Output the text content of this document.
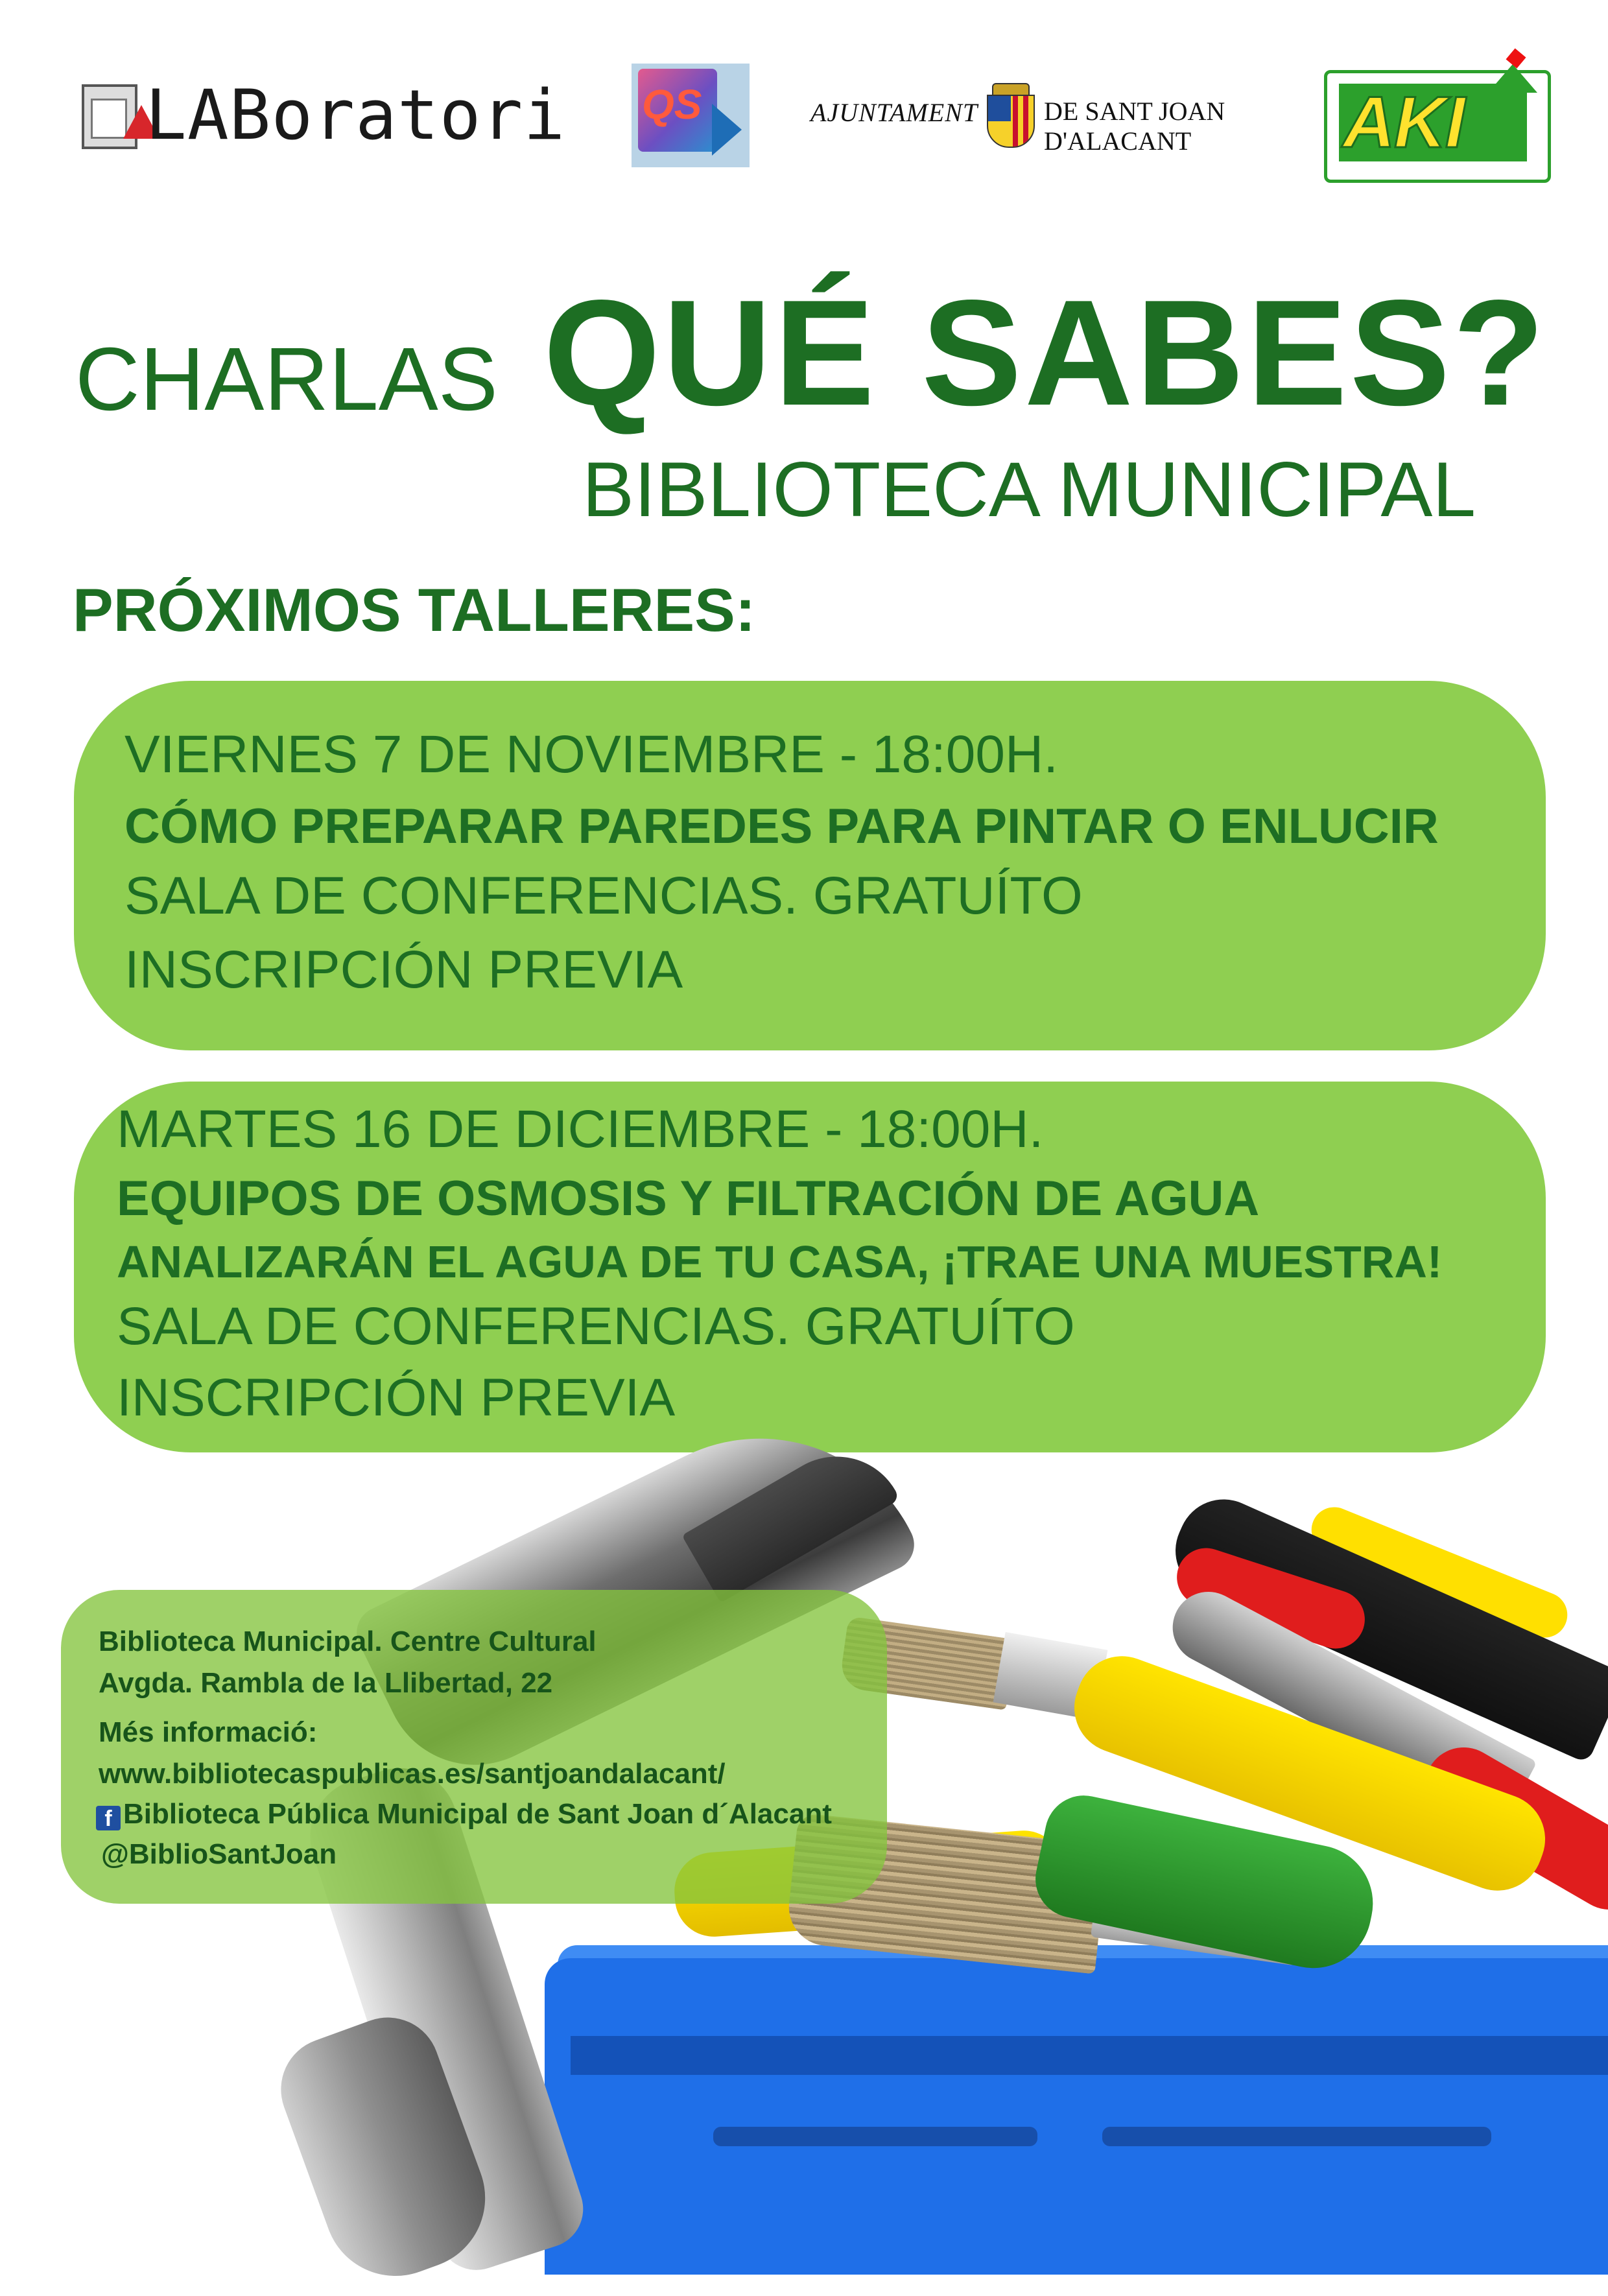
LABoratori QS	AJUNTAMENT	DE SANT JOAN
D'ALACANT AKI
CHARLAS QUÉ SABES?
BIBLIOTECA MUNICIPAL
PRÓXIMOS TALLERES:
VIERNES 7 DE NOVIEMBRE - 18:00H.
CÓMO PREPARAR PAREDES PARA PINTAR O ENLUCIR
SALA DE CONFERENCIAS. GRATUÍTO
INSCRIPCIÓN PREVIA
MARTES 16 DE DICIEMBRE - 18:00H.
EQUIPOS DE OSMOSIS Y FILTRACIÓN DE AGUA
ANALIZARÁN EL AGUA DE TU CASA, ¡TRAE UNA MUESTRA!
SALA DE CONFERENCIAS. GRATUÍTO
INSCRIPCIÓN PREVIA
Biblioteca Municipal. Centre Cultural
Avgda. Rambla de la Llibertad, 22
Més informació:
www.bibliotecaspublicas.es/santjoandalacant/
f Biblioteca Pública Municipal de Sant Joan d´Alacant
@BiblioSantJoan
